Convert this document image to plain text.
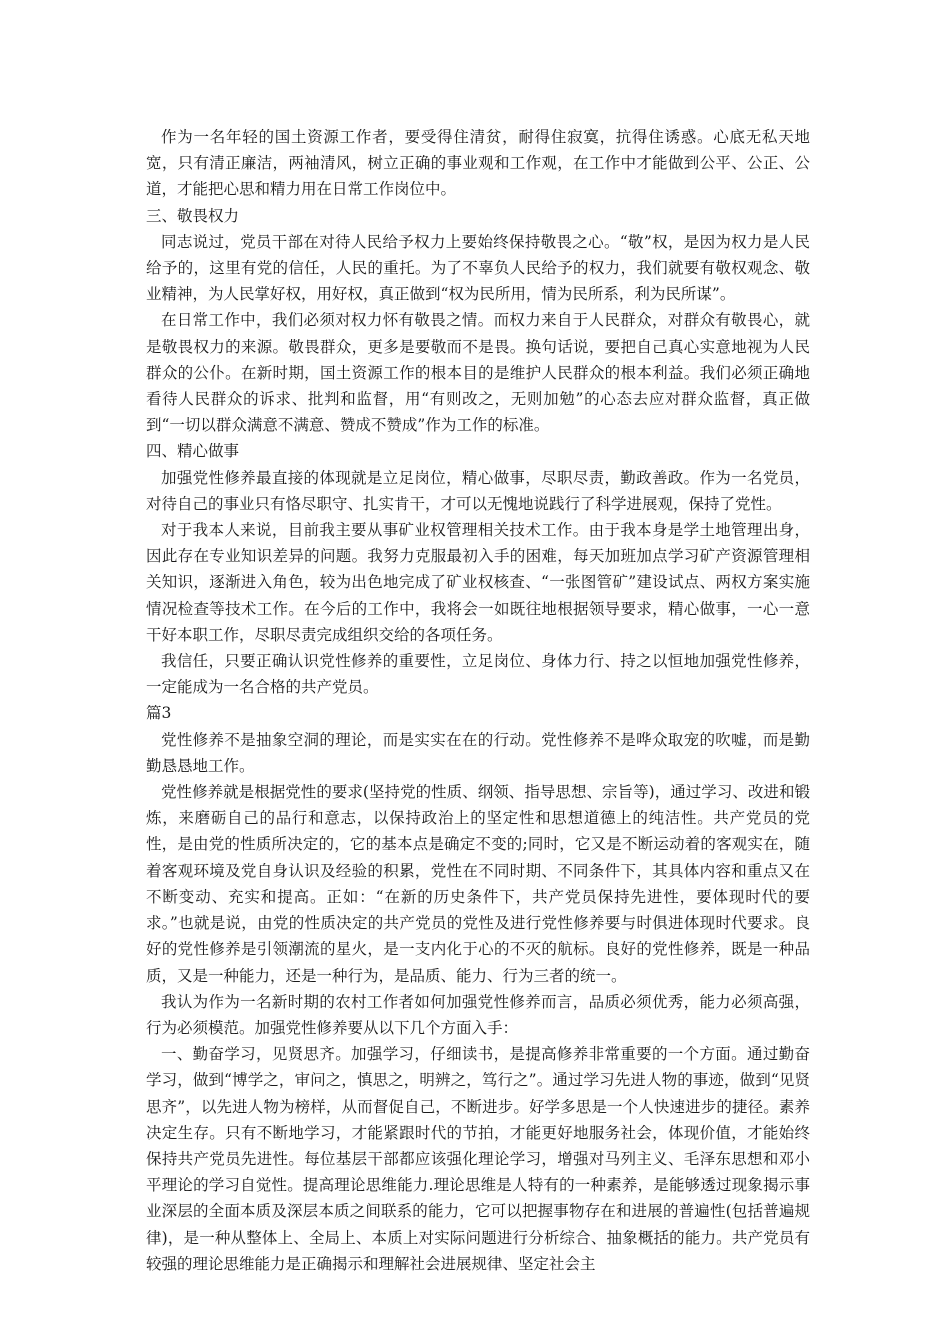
作为一名年轻的国土资源工作者，要受得住清贫，耐得住寂寞，抗得住诱惑。心底无私天地宽，只有清正廉洁，两袖清风，树立正确的事业观和工作观，在工作中才能做到公平、公正、公道，才能把心思和精力用在日常工作岗位中。

三、敬畏权力

同志说过，党员干部在对待人民给予权力上要始终保持敬畏之心。“敬”权，是因为权力是人民给予的，这里有党的信任，人民的重托。为了不辜负人民给予的权力，我们就要有敬权观念、敬业精神，为人民掌好权，用好权，真正做到“权为民所用，情为民所系，利为民所谋”。

在日常工作中，我们必须对权力怀有敬畏之情。而权力来自于人民群众，对群众有敬畏心，就是敬畏权力的来源。敬畏群众，更多是要敬而不是畏。换句话说，要把自己真心实意地视为人民群众的公仆。在新时期，国土资源工作的根本目的是维护人民群众的根本利益。我们必须正确地看待人民群众的诉求、批判和监督，用“有则改之，无则加勉”的心态去应对群众监督，真正做到“一切以群众满意不满意、赞成不赞成”作为工作的标准。

四、精心做事

加强党性修养最直接的体现就是立足岗位，精心做事，尽职尽责，勤政善政。作为一名党员，对待自己的事业只有恪尽职守、扎实肯干，才可以无愧地说践行了科学进展观，保持了党性。

对于我本人来说，目前我主要从事矿业权管理相关技术工作。由于我本身是学土地管理出身，因此存在专业知识差异的问题。我努力克服最初入手的困难，每天加班加点学习矿产资源管理相关知识，逐渐进入角色，较为出色地完成了矿业权核查、“一张图管矿”建设试点、两权方案实施情况检查等技术工作。在今后的工作中，我将会一如既往地根据领导要求，精心做事，一心一意干好本职工作，尽职尽责完成组织交给的各项任务。

我信任，只要正确认识党性修养的重要性，立足岗位、身体力行、持之以恒地加强党性修养，一定能成为一名合格的共产党员。

篇3

党性修养不是抽象空洞的理论，而是实实在在的行动。党性修养不是哗众取宠的吹嘘，而是勤勤恳恳地工作。

党性修养就是根据党性的要求(坚持党的性质、纲领、指导思想、宗旨等)，通过学习、改进和锻炼，来磨砺自己的品行和意志，以保持政治上的坚定性和思想道德上的纯洁性。共产党员的党性，是由党的性质所决定的，它的基本点是确定不变的;同时，它又是不断运动着的客观实在，随着客观环境及党自身认识及经验的积累，党性在不同时期、不同条件下，其具体内容和重点又在不断变动、充实和提高。正如：“在新的历史条件下，共产党员保持先进性，要体现时代的要求。”也就是说，由党的性质决定的共产党员的党性及进行党性修养要与时俱进体现时代要求。良好的党性修养是引领潮流的星火，是一支内化于心的不灭的航标。良好的党性修养，既是一种品质，又是一种能力，还是一种行为，是品质、能力、行为三者的统一。

我认为作为一名新时期的农村工作者如何加强党性修养而言，品质必须优秀，能力必须高强，行为必须模范。加强党性修养要从以下几个方面入手：

一、勤奋学习，见贤思齐。加强学习，仔细读书，是提高修养非常重要的一个方面。通过勤奋学习，做到“博学之，审问之，慎思之，明辨之，笃行之”。通过学习先进人物的事迹，做到“见贤思齐”，以先进人物为榜样，从而督促自己，不断进步。好学多思是一个人快速进步的捷径。素养决定生存。只有不断地学习，才能紧跟时代的节拍，才能更好地服务社会，体现价值，才能始终保持共产党员先进性。每位基层干部都应该强化理论学习，增强对马列主义、毛泽东思想和邓小平理论的学习自觉性。提高理论思维能力.理论思维是人特有的一种素养，是能够透过现象揭示事业深层的全面本质及深层本质之间联系的能力，它可以把握事物存在和进展的普遍性(包括普遍规律)，是一种从整体上、全局上、本质上对实际问题进行分析综合、抽象概括的能力。共产党员有较强的理论思维能力是正确揭示和理解社会进展规律、坚定社会主
